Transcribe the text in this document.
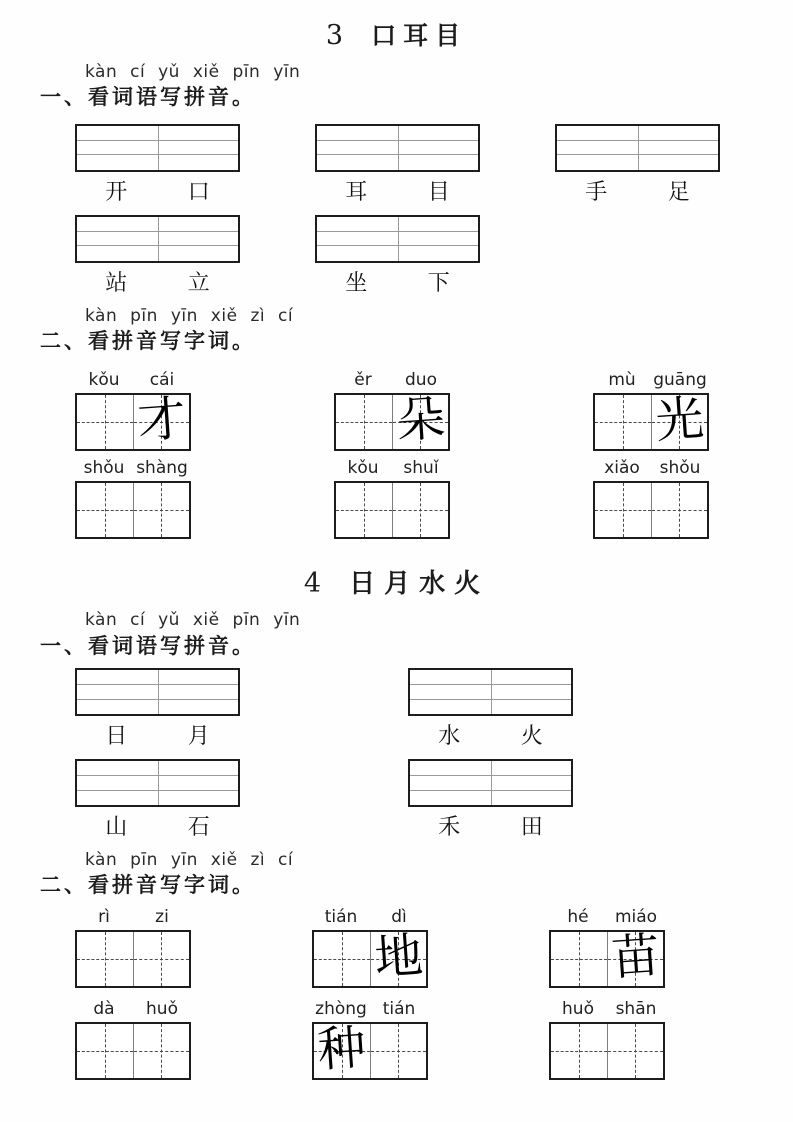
3 口耳目
kàn cí yǔ xiě pīn yīn
一、看词语写拼音。
开	口	耳	目	手	足
站	立	坐	下
kàn pīn yīn xiě zì cí
二、看拼音写字词。
kǒu	cái
才
ěr	duo
朵
mù	guāng
光
shǒu shàng	kǒu	shuǐ	xiǎo	shǒu
4 日月水火
kàn cí yǔ xiě pīn yīn
一、看词语写拼音。
日	月	水	火
山	石	禾	田
kàn pīn yīn xiě zì cí
二、看拼音写字词。
rì	zi	tián	dì
地
hé	miáo
苗
dà	huǒ	zhòng tián
种
huǒ	shān
